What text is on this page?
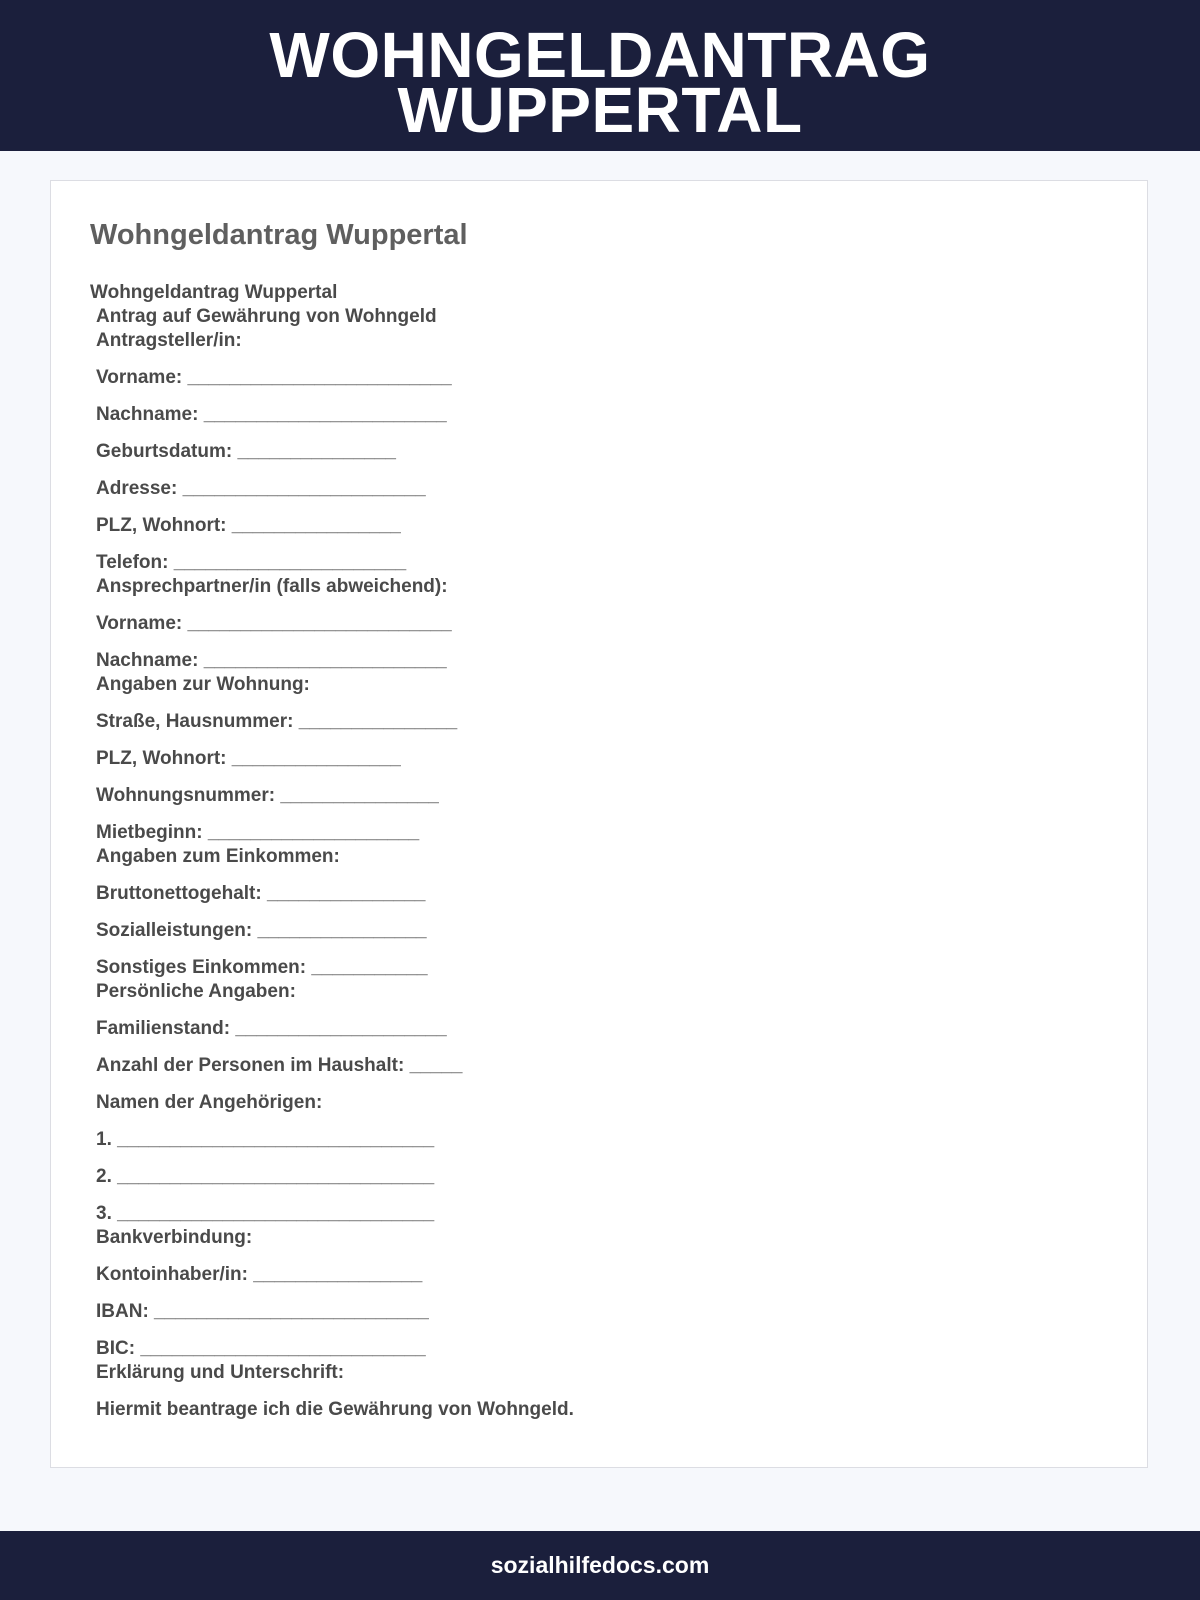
WOHNGELDANTRAG
WUPPERTAL
Wohngeldantrag Wuppertal
Wohngeldantrag Wuppertal
Antrag auf Gewährung von Wohngeld
Antragsteller/in:
Vorname: _________________________
Nachname: _______________________
Geburtsdatum: _______________
Adresse: _______________________
PLZ, Wohnort: ________________
Telefon: ______________________
Ansprechpartner/in (falls abweichend):
Vorname: _________________________
Nachname: _______________________
Angaben zur Wohnung:
Straße, Hausnummer: _______________
PLZ, Wohnort: ________________
Wohnungsnummer: _______________
Mietbeginn: ____________________
Angaben zum Einkommen:
Bruttonettogehalt: _______________
Sozialleistungen: ________________
Sonstiges Einkommen: ___________
Persönliche Angaben:
Familienstand: ____________________
Anzahl der Personen im Haushalt: _____
Namen der Angehörigen:
1. ______________________________
2. ______________________________
3. ______________________________
Bankverbindung:
Kontoinhaber/in: ________________
IBAN: __________________________
BIC: ___________________________
Erklärung und Unterschrift:
Hiermit beantrage ich die Gewährung von Wohngeld.
sozialhilfedocs.com
